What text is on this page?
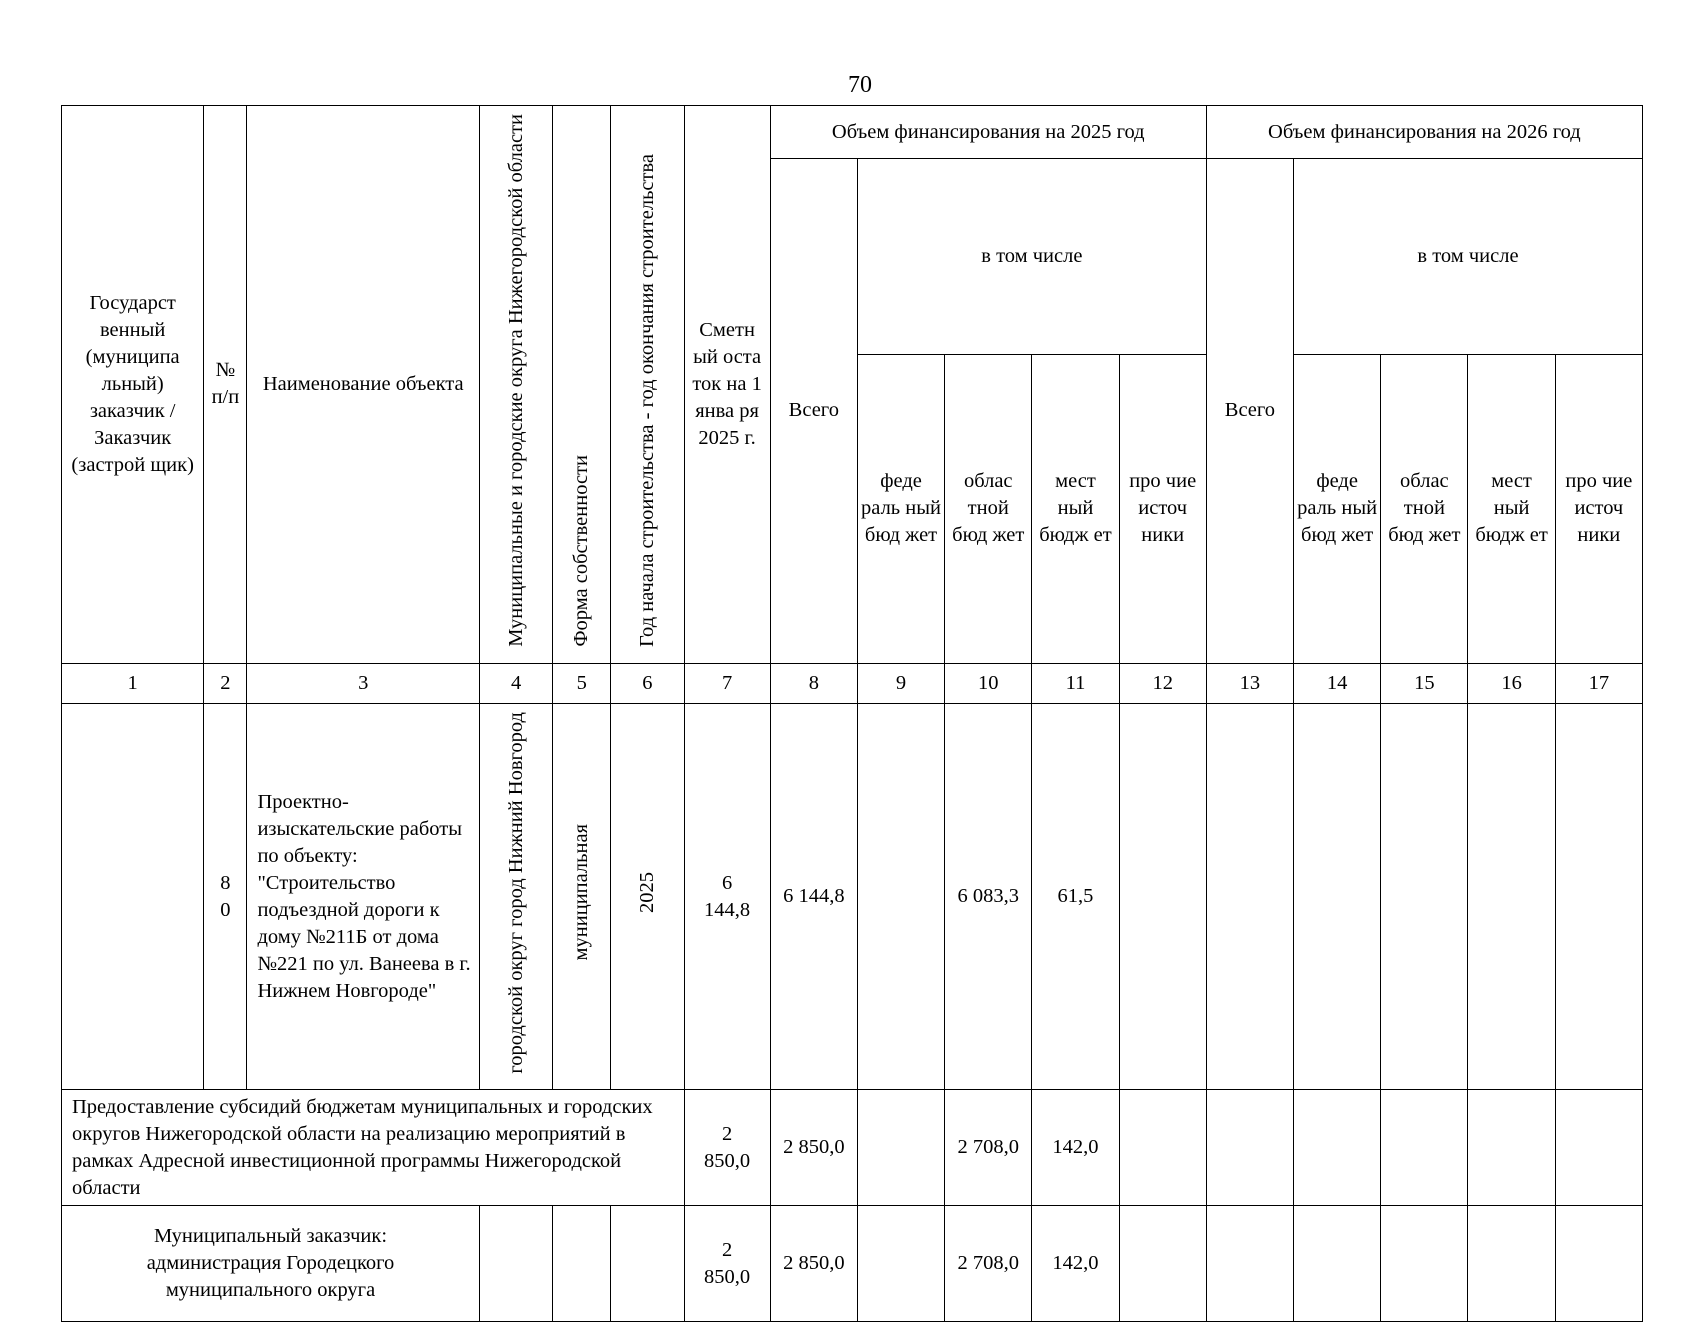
70
Государст венный (муниципа льный) заказчик / Заказчик (застрой щик)	№ п/п	Наименование объекта	Муниципальные и городские округа Нижегородской области	Форма собственности	Год начала строительства - год окончания строительства	Сметн ый оста ток на 1 янва ря 2025 г.	Объем финансирования на 2025 год					Объем финансирования на 2026 год				
							Всего	в том числе				Всего	в том числе			
								феде раль ный бюд жет	облас тной бюд жет	мест ный бюдж ет	про чие источ ники		феде раль ный бюд жет	облас тной бюд жет	мест ный бюдж ет	про чие источ ники
1	2	3	4	5	6	7	8	9	10	11	12	13	14	15	16	17
	8 0	Проектно-изыскательские работы по объекту: "Строительство подъездной дороги к дому №211Б от дома №221 по ул. Ванеева в г. Нижнем Новгороде"	городской округ город Нижний Новгород	муниципальная	2025	6 144,8	6 144,8		6 083,3	61,5						
Предоставление субсидий бюджетам муниципальных и городских округов Нижегородской области на реализацию мероприятий в рамках Адресной инвестиционной программы Нижегородской области						2 850,0	2 850,0		2 708,0	142,0						
Муниципальный заказчик: администрация Городецкого муниципального округа						2 850,0	2 850,0		2 708,0	142,0						
